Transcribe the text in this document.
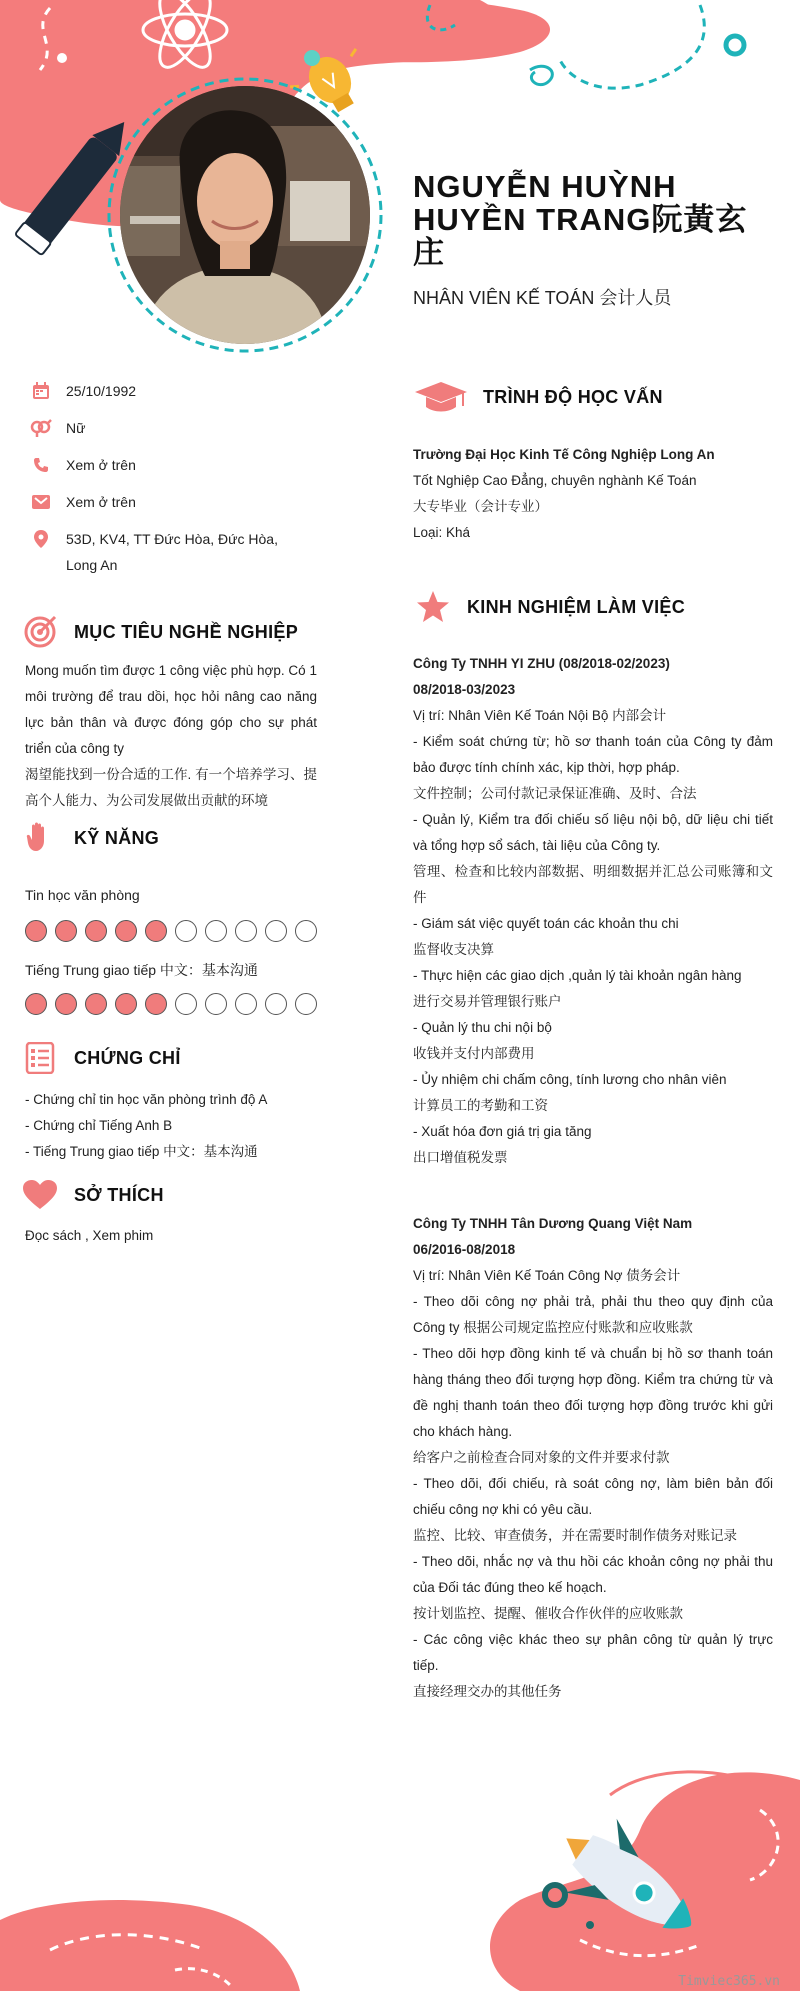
NGUYỄN HUỲNH HUYỀN TRANG阮黃玄庄
NHÂN VIÊN KẾ TOÁN 会计人员
25/10/1992
Nữ
Xem ở trên
Xem ở trên
53D, KV4, TT Đức Hòa, Đức Hòa, Long An
MỤC TIÊU NGHỀ NGHIỆP
Mong muốn tìm được 1 công việc phù hợp. Có 1 môi trường để trau dồi, học hỏi nâng cao năng lực bản thân và được đóng góp cho sự phát triển của công ty
渴望能找到一份合适的工作. 有一个培养学习、提高个人能力、为公司发展做出贡献的环境
KỸ NĂNG
Tin học văn phòng
Tiếng Trung giao tiếp 中文：基本沟通
CHỨNG CHỈ
- Chứng chỉ tin học văn phòng trình độ A
- Chứng chỉ Tiếng Anh B
- Tiếng Trung giao tiếp 中文：基本沟通
SỞ THÍCH
Đọc sách , Xem phim
TRÌNH ĐỘ HỌC VẤN
Trường Đại Học Kinh Tế Công Nghiệp Long An
Tốt Nghiệp Cao Đẳng, chuyên nghành Kế Toán
大专毕业（会计专业）
Loại: Khá
KINH NGHIỆM LÀM VIỆC
Công Ty TNHH YI ZHU (08/2018-02/2023)
08/2018-03/2023
Vị trí: Nhân Viên Kế Toán Nội Bộ 内部会计
- Kiểm soát chứng từ; hồ sơ thanh toán của Công ty đảm bảo được tính chính xác, kịp thời, hợp pháp.
文件控制；公司付款记录保证准确、及时、合法
- Quản lý, Kiểm tra đối chiếu số liệu nội bộ, dữ liệu chi tiết và tổng hợp sổ sách, tài liệu của Công ty.
管理、检查和比较内部数据、明细数据并汇总公司账簿和文件
- Giám sát việc quyết toán các khoản thu chi
监督收支决算
- Thực hiện các giao dịch ,quản lý tài khoản ngân hàng
进行交易并管理银行账户
- Quản lý thu chi nội bộ
收钱并支付内部费用
- Ủy nhiệm chi chấm công, tính lương cho nhân viên
计算员工的考勤和工资
- Xuất hóa đơn giá trị gia tăng
出口增值税发票
Công Ty TNHH Tân Dương Quang Việt Nam
06/2016-08/2018
Vị trí: Nhân Viên Kế Toán Công Nợ 债务会计
- Theo dõi công nợ phải trả, phải thu theo quy định của Công ty 根据公司规定监控应付账款和应收账款
- Theo dõi hợp đồng kinh tế và chuẩn bị hồ sơ thanh toán hàng tháng theo đối tượng hợp đồng. Kiểm tra chứng từ và đề nghị thanh toán theo đối tượng hợp đồng trước khi gửi cho khách hàng.
给客户之前检查合同对象的文件并要求付款
- Theo dõi, đối chiếu, rà soát công nợ, làm biên bản đối chiếu công nợ khi có yêu cầu.
监控、比较、审查债务，并在需要时制作债务对账记录
- Theo dõi, nhắc nợ và thu hồi các khoản công nợ phải thu của Đối tác đúng theo kế hoạch.
按计划监控、提醒、催收合作伙伴的应收账款
- Các công việc khác theo sự phân công từ quản lý trực tiếp.
直接经理交办的其他任务
Timviec365.vn
